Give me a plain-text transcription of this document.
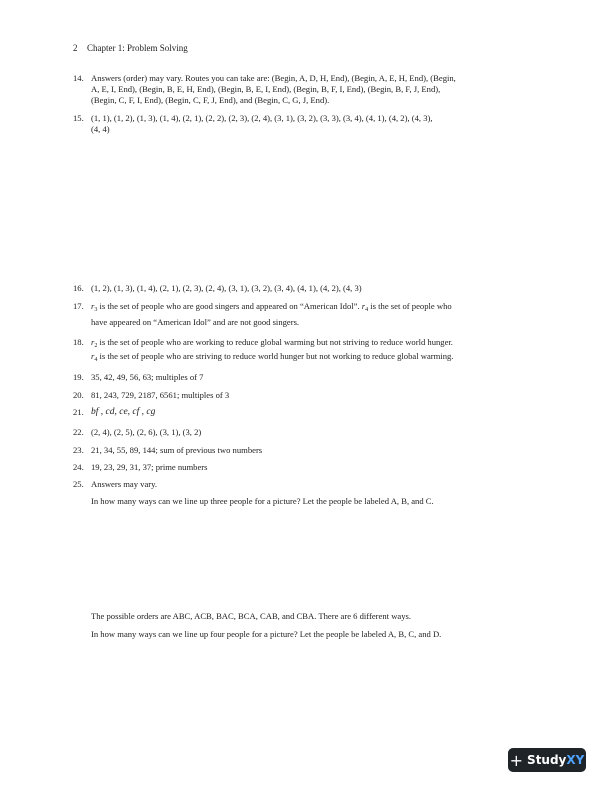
2 Chapter 1: Problem Solving
14. Answers (order) may vary. Routes you can take are: (Begin, A, D, H, End), (Begin, A, E, H, End), (Begin,
A, E, I, End), (Begin, B, E, H, End), (Begin, B, E, I, End), (Begin, B, F, I, End), (Begin, B, F, J, End),
(Begin, C, F, I, End), (Begin, C, F, J, End), and (Begin, C, G, J, End).
15. (1, 1), (1, 2), (1, 3), (1, 4), (2, 1), (2, 2), (2, 3), (2, 4), (3, 1), (3, 2), (3, 3), (3, 4), (4, 1), (4, 2), (4, 3),
(4, 4)
16. (1, 2), (1, 3), (1, 4), (2, 1), (2, 3), (2, 4), (3, 1), (3, 2), (3, 4), (4, 1), (4, 2), (4, 3)
17. $r_3$ is the set of people who are good singers and appeared on “American Idol”. $r_4$ is the set of people who
have appeared on “American Idol” and are not good singers.
18. $r_2$ is the set of people who are working to reduce global warming but not striving to reduce world hunger.
$r_4$ is the set of people who are striving to reduce world hunger but not working to reduce global warming.
19. 35, 42, 49, 56, 63; multiples of 7
20. 81, 243, 729, 2187, 6561; multiples of 3
21. bf , cd, ce, cf , cg
22. (2, 4), (2, 5), (2, 6), (3, 1), (3, 2)
23. 21, 34, 55, 89, 144; sum of previous two numbers
24. 19, 23, 29, 31, 37; prime numbers
25. Answers may vary.
In how many ways can we line up three people for a picture? Let the people be labeled A, B, and C.
The possible orders are ABC, ACB, BAC, BCA, CAB, and CBA. There are 6 different ways.
In how many ways can we line up four people for a picture? Let the people be labeled A, B, C, and D.
+ Study XY
